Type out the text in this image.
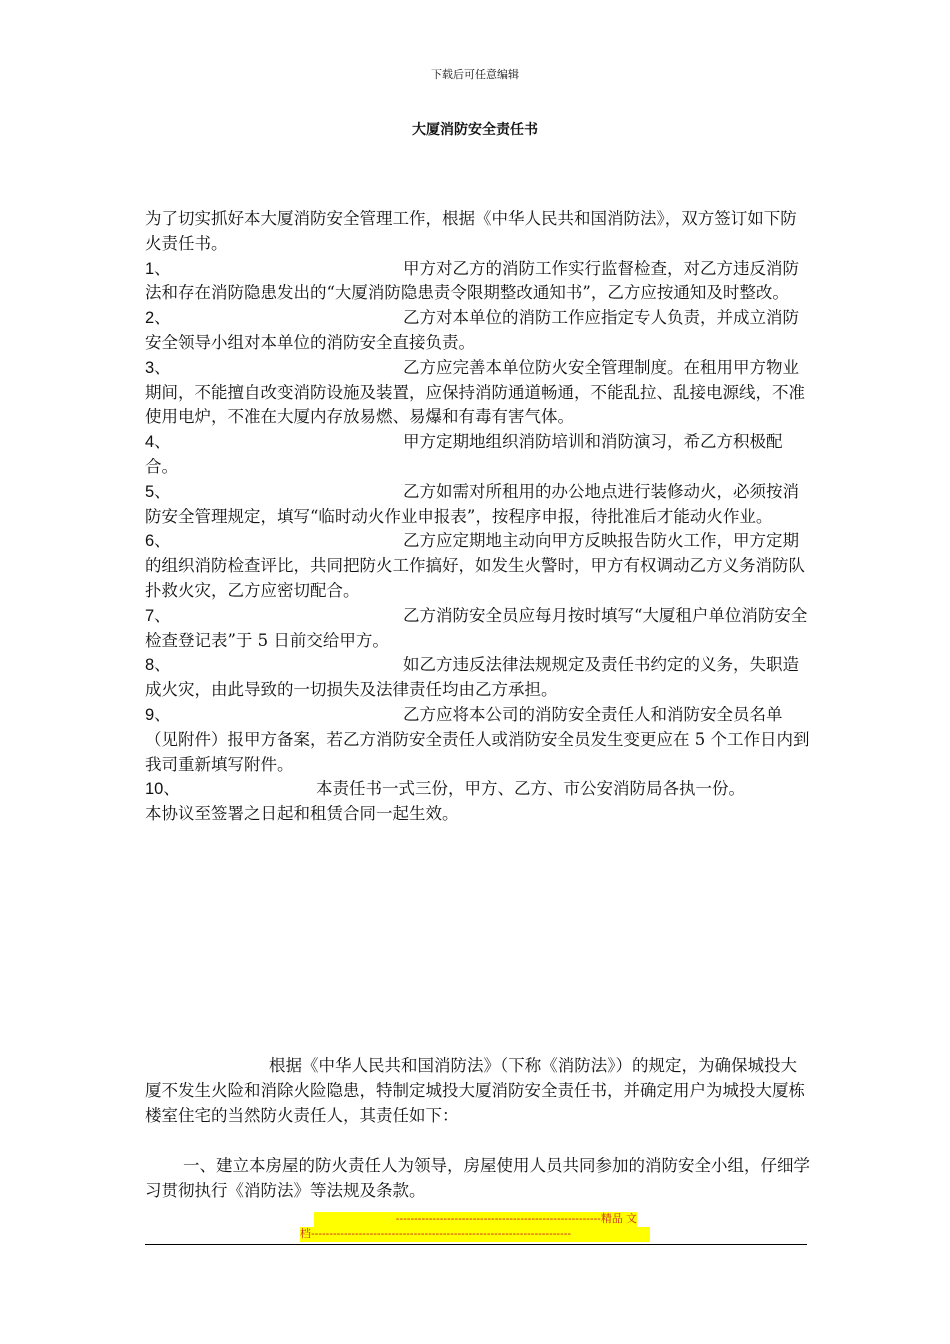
下载后可任意编辑
大厦消防安全责任书

为了切实抓好本大厦消防安全管理工作，根据《中华人民共和国消防法》，双方签订如下防火责任书。

1、	甲方对乙方的消防工作实行监督检查，对乙方违反消防法和存在消防隐患发出的“大厦消防隐患责令限期整改通知书”，乙方应按通知及时整改。

2、	乙方对本单位的消防工作应指定专人负责，并成立消防安全领导小组对本单位的消防安全直接负责。

3、	乙方应完善本单位防火安全管理制度。在租用甲方物业期间，不能擅自改变消防设施及装置，应保持消防通道畅通，不能乱拉、乱接电源线，不准使用电炉，不准在大厦内存放易燃、易爆和有毒有害气体。

4、	甲方定期地组织消防培训和消防演习，希乙方积极配合。

5、	乙方如需对所租用的办公地点进行装修动火，必须按消防安全管理规定，填写“临时动火作业申报表”，按程序申报，待批准后才能动火作业。

6、	乙方应定期地主动向甲方反映报告防火工作，甲方定期的组织消防检查评比，共同把防火工作搞好，如发生火警时，甲方有权调动乙方义务消防队扑救火灾，乙方应密切配合。

7、	乙方消防安全员应每月按时填写“大厦租户单位消防安全检查登记表”于 5 日前交给甲方。

8、	如乙方违反法律法规规定及责任书约定的义务，失职造成火灾，由此导致的一切损失及法律责任均由乙方承担。

9、	乙方应将本公司的消防安全责任人和消防安全员名单（见附件）报甲方备案，若乙方消防安全责任人或消防安全员发生变更应在 5 个工作日内到我司重新填写附件。

10、	本责任书一式三份，甲方、乙方、市公安消防局各执一份。

本协议至签署之日起和租赁合同一起生效。

根据《中华人民共和国消防法》（下称《消防法》）的规定，为确保城投大厦不发生火险和消除火险隐患，特制定城投大厦消防安全责任书，并确定用户为城投大厦栋楼室住宅的当然防火责任人，其责任如下：
一、建立本房屋的防火责任人为领导，房屋使用人员共同参加的消防安全小组，仔细学习贯彻执行《消防法》等法规及条款。
--------------------------------------------------------精品 文
档-----------------------------------------------------------------------
